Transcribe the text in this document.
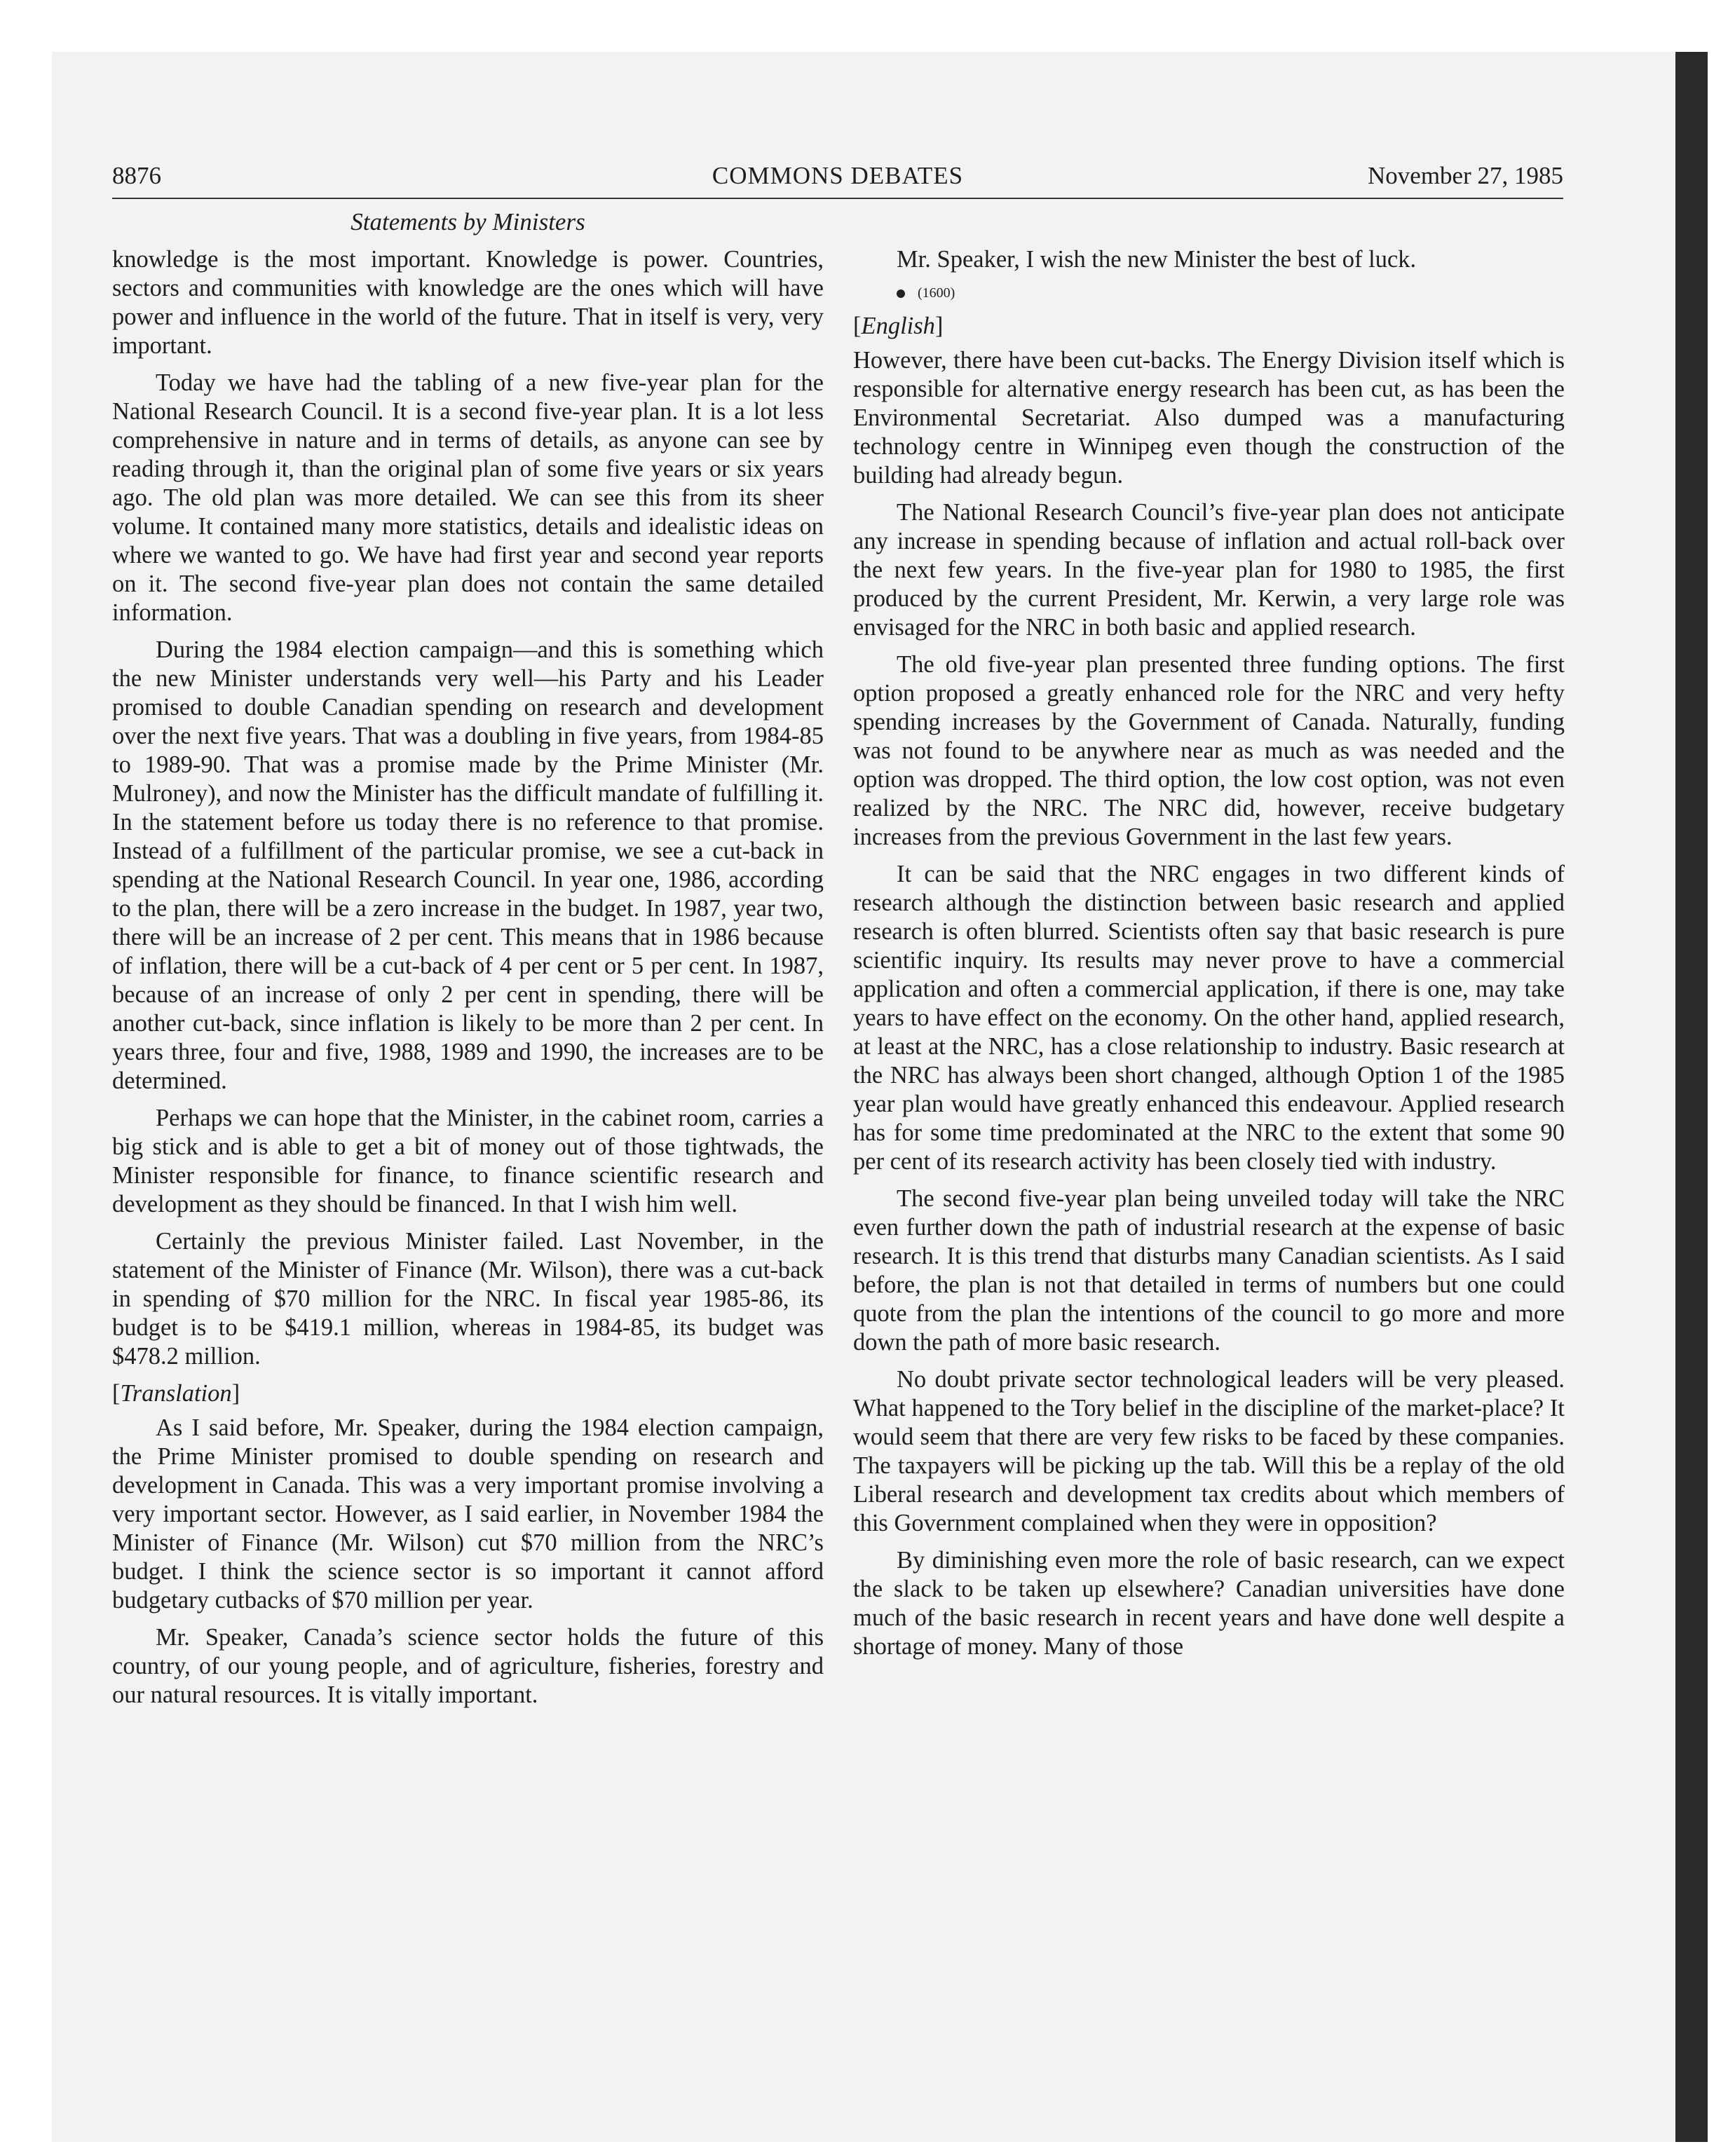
8876	COMMONS DEBATES	November 27, 1985
Statements by Ministers

knowledge is the most important. Knowledge is power. Countries, sectors and communities with knowledge are the ones which will have power and influence in the world of the future. That in itself is very, very important.

Today we have had the tabling of a new five-year plan for the National Research Council. It is a second five-year plan. It is a lot less comprehensive in nature and in terms of details, as anyone can see by reading through it, than the original plan of some five years or six years ago. The old plan was more detailed. We can see this from its sheer volume. It contained many more statistics, details and idealistic ideas on where we wanted to go. We have had first year and second year reports on it. The second five-year plan does not contain the same detailed information.

During the 1984 election campaign—and this is something which the new Minister understands very well—his Party and his Leader promised to double Canadian spending on research and development over the next five years. That was a doubling in five years, from 1984-85 to 1989-90. That was a promise made by the Prime Minister (Mr. Mulroney), and now the Minister has the difficult mandate of fulfilling it. In the statement before us today there is no reference to that promise. Instead of a fulfillment of the particular promise, we see a cut-back in spending at the National Research Council. In year one, 1986, according to the plan, there will be a zero increase in the budget. In 1987, year two, there will be an increase of 2 per cent. This means that in 1986 because of inflation, there will be a cut-back of 4 per cent or 5 per cent. In 1987, because of an increase of only 2 per cent in spending, there will be another cut-back, since inflation is likely to be more than 2 per cent. In years three, four and five, 1988, 1989 and 1990, the increases are to be determined.

Perhaps we can hope that the Minister, in the cabinet room, carries a big stick and is able to get a bit of money out of those tightwads, the Minister responsible for finance, to finance scientific research and development as they should be financed. In that I wish him well.

Certainly the previous Minister failed. Last November, in the statement of the Minister of Finance (Mr. Wilson), there was a cut-back in spending of $70 million for the NRC. In fiscal year 1985-86, its budget is to be $419.1 million, whereas in 1984-85, its budget was $478.2 million.

[Translation]

As I said before, Mr. Speaker, during the 1984 election campaign, the Prime Minister promised to double spending on research and development in Canada. This was a very important promise involving a very important sector. However, as I said earlier, in November 1984 the Minister of Finance (Mr. Wilson) cut $70 million from the NRC’s budget. I think the science sector is so important it cannot afford budgetary cutbacks of $70 million per year.

Mr. Speaker, Canada’s science sector holds the future of this country, of our young people, and of agriculture, fisheries, forestry and our natural resources. It is vitally important.

Mr. Speaker, I wish the new Minister the best of luck.

(1600)

[English]

However, there have been cut-backs. The Energy Division itself which is responsible for alternative energy research has been cut, as has been the Environmental Secretariat. Also dumped was a manufacturing technology centre in Winnipeg even though the construction of the building had already begun.

The National Research Council’s five-year plan does not anticipate any increase in spending because of inflation and actual roll-back over the next few years. In the five-year plan for 1980 to 1985, the first produced by the current President, Mr. Kerwin, a very large role was envisaged for the NRC in both basic and applied research.

The old five-year plan presented three funding options. The first option proposed a greatly enhanced role for the NRC and very hefty spending increases by the Government of Canada. Naturally, funding was not found to be anywhere near as much as was needed and the option was dropped. The third option, the low cost option, was not even realized by the NRC. The NRC did, however, receive budgetary increases from the previous Government in the last few years.

It can be said that the NRC engages in two different kinds of research although the distinction between basic research and applied research is often blurred. Scientists often say that basic research is pure scientific inquiry. Its results may never prove to have a commercial application and often a commercial application, if there is one, may take years to have effect on the economy. On the other hand, applied research, at least at the NRC, has a close relationship to industry. Basic research at the NRC has always been short changed, although Option 1 of the 1985 year plan would have greatly enhanced this endeavour. Applied research has for some time predominated at the NRC to the extent that some 90 per cent of its research activity has been closely tied with industry.

The second five-year plan being unveiled today will take the NRC even further down the path of industrial research at the expense of basic research. It is this trend that disturbs many Canadian scientists. As I said before, the plan is not that detailed in terms of numbers but one could quote from the plan the intentions of the council to go more and more down the path of more basic research.

No doubt private sector technological leaders will be very pleased. What happened to the Tory belief in the discipline of the market-place? It would seem that there are very few risks to be faced by these companies. The taxpayers will be picking up the tab. Will this be a replay of the old Liberal research and development tax credits about which members of this Government complained when they were in opposition?

By diminishing even more the role of basic research, can we expect the slack to be taken up elsewhere? Canadian universities have done much of the basic research in recent years and have done well despite a shortage of money. Many of those
